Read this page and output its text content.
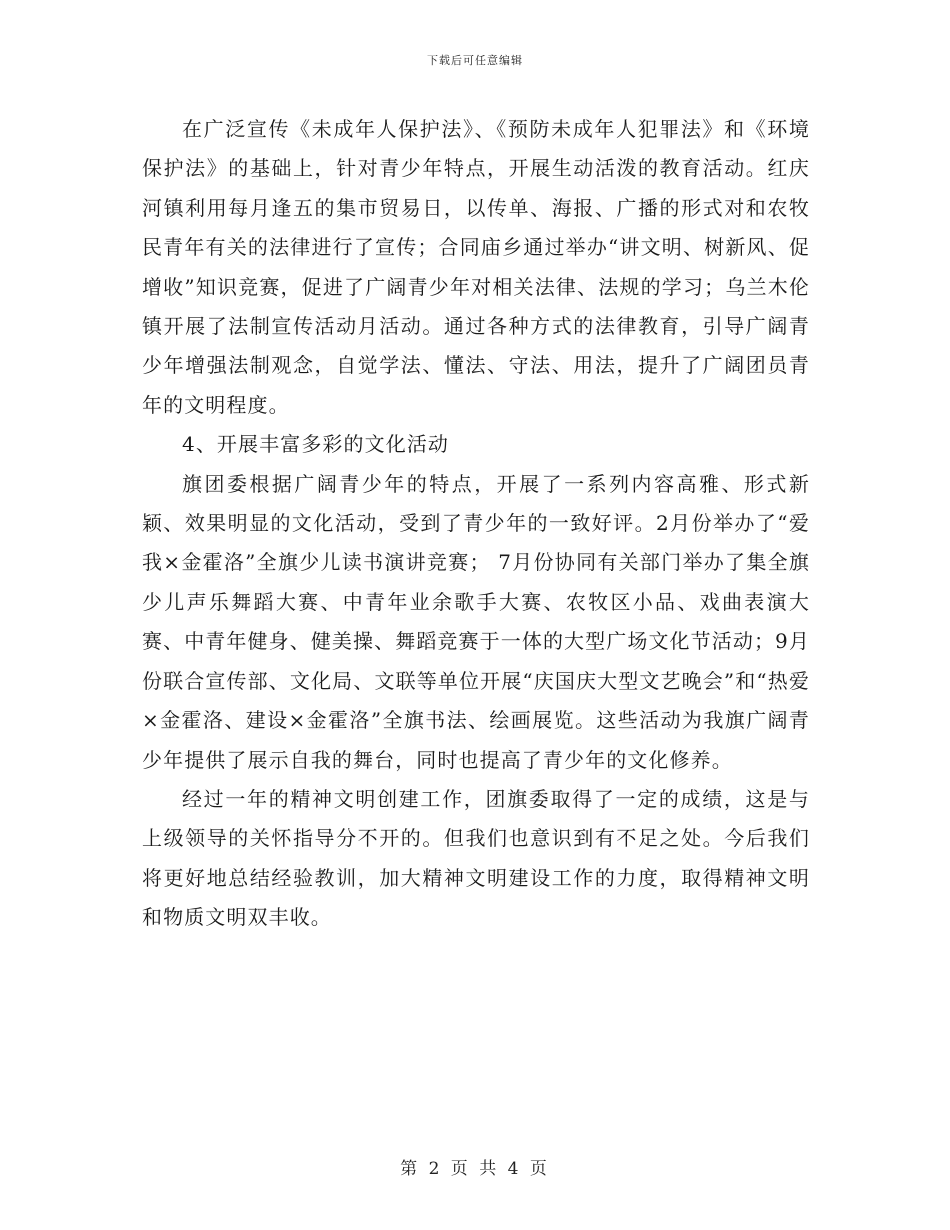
下载后可任意编辑

在广泛宣传《未成年人保护法》、《预防未成年人犯罪法》和《环境保护法》的基础上，针对青少年特点，开展生动活泼的教育活动。红庆河镇利用每月逢五的集市贸易日，以传单、海报、广播的形式对和农牧民青年有关的法律进行了宣传；合同庙乡通过举办“讲文明、树新风、促增收”知识竞赛，促进了广阔青少年对相关法律、法规的学习；乌兰木伦镇开展了法制宣传活动月活动。通过各种方式的法律教育，引导广阔青少年增强法制观念，自觉学法、懂法、守法、用法，提升了广阔团员青年的文明程度。

4、开展丰富多彩的文化活动

旗团委根据广阔青少年的特点，开展了一系列内容高雅、形式新颖、效果明显的文化活动，受到了青少年的一致好评。2月份举办了“爱我×金霍洛”全旗少儿读书演讲竞赛； 7月份协同有关部门举办了集全旗少儿声乐舞蹈大赛、中青年业余歌手大赛、农牧区小品、戏曲表演大赛、中青年健身、健美操、舞蹈竞赛于一体的大型广场文化节活动；9月份联合宣传部、文化局、文联等单位开展“庆国庆大型文艺晚会”和“热爱×金霍洛、建设×金霍洛”全旗书法、绘画展览。这些活动为我旗广阔青少年提供了展示自我的舞台，同时也提高了青少年的文化修养。

经过一年的精神文明创建工作，团旗委取得了一定的成绩，这是与上级领导的关怀指导分不开的。但我们也意识到有不足之处。今后我们将更好地总结经验教训，加大精神文明建设工作的力度，取得精神文明和物质文明双丰收。

第 2 页 共 4 页
